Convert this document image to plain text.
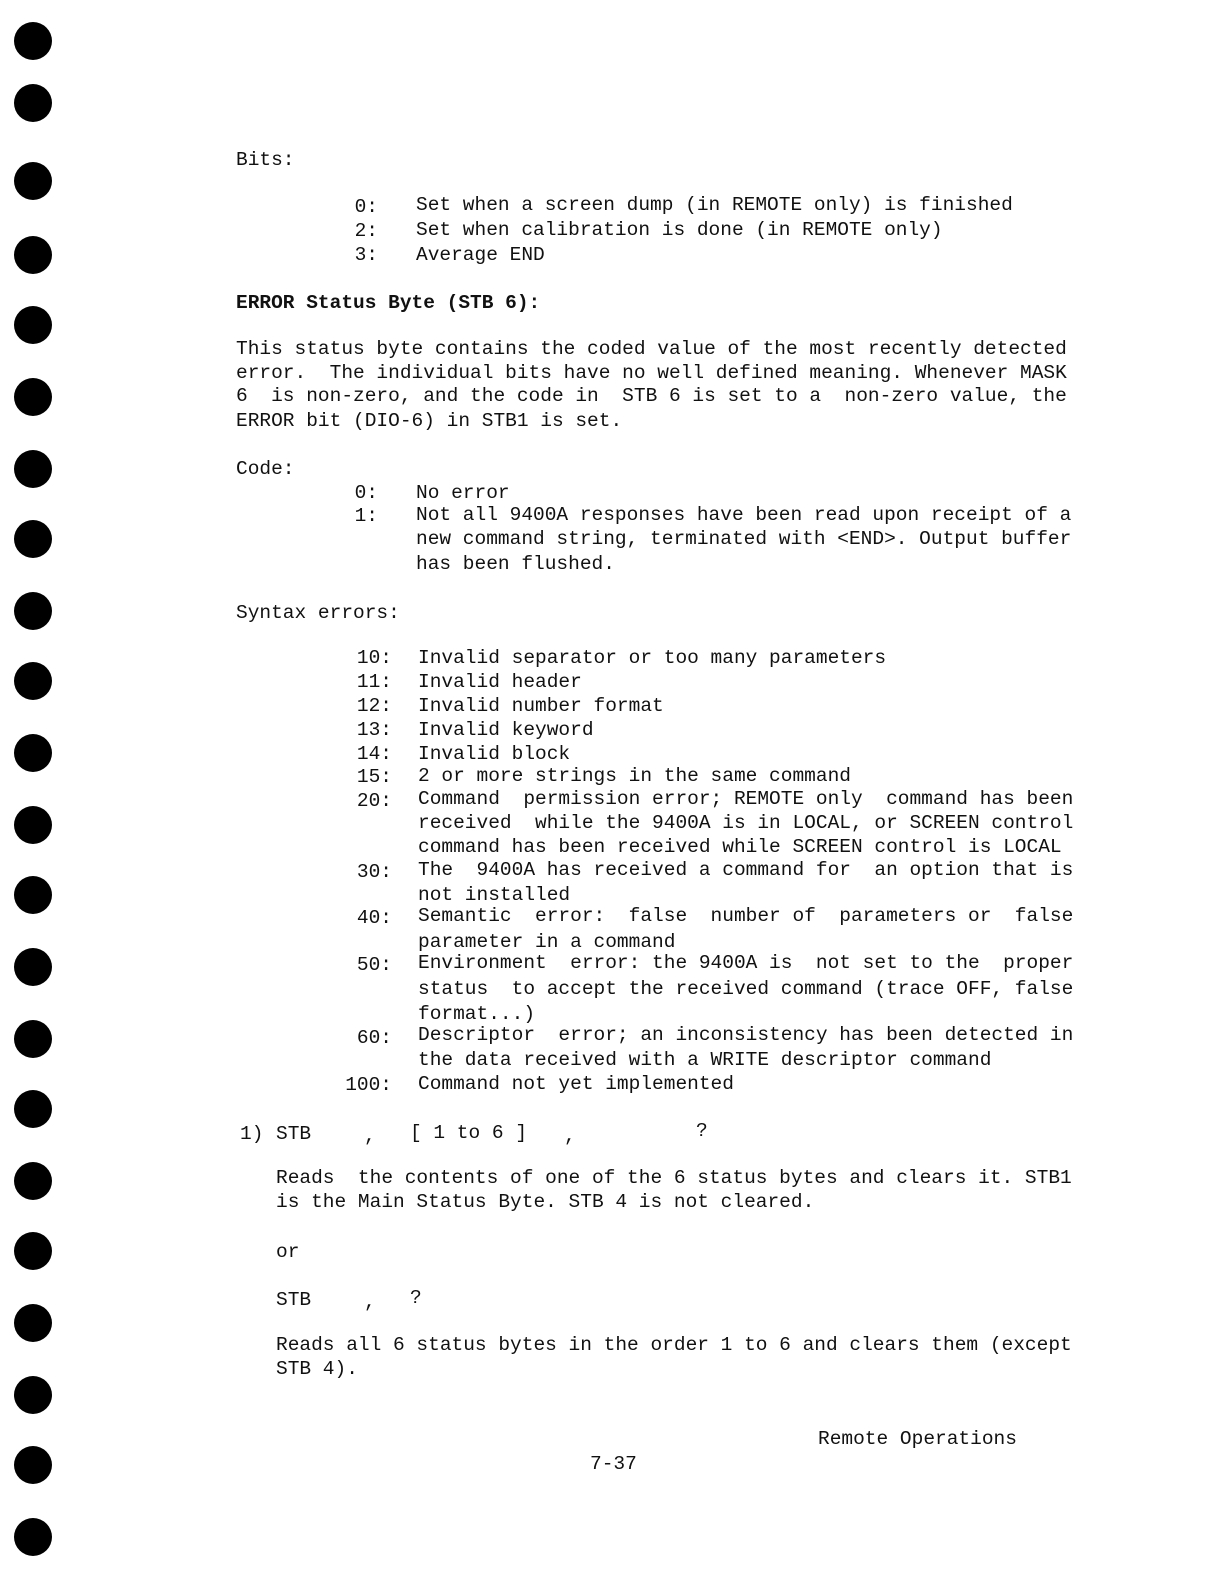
Bits:
0: Set when a screen dump (in REMOTE only) is finished
2: Set when calibration is done (in REMOTE only)
3: Average END
ERROR Status Byte (STB 6):
This status byte contains the coded value of the most recently detected
error.  The individual bits have no well defined meaning. Whenever MASK
6  is non-zero, and the code in  STB 6 is set to a  non-zero value, the
ERROR bit (DIO-6) in STB1 is set.
Code:
0: No error
1: Not all 9400A responses have been read upon receipt of a
new command string, terminated with <END>. Output buffer
has been flushed.
Syntax errors:
10: Invalid separator or too many parameters
11: Invalid header
12: Invalid number format
13: Invalid keyword
14: Invalid block
15: 2 or more strings in the same command
20: Command  permission error; REMOTE only  command has been
received  while the 9400A is in LOCAL, or SCREEN control
command has been received while SCREEN control is LOCAL
30: The  9400A has received a command for  an option that is
not installed
40: Semantic  error:  false  number of  parameters or  false
parameter in a command
50: Environment  error: the 9400A is  not set to the  proper
status  to accept the received command (trace OFF, false
format...)
60: Descriptor  error; an inconsistency has been detected in
the data received with a WRITE descriptor command
100: Command not yet implemented
1) STB	, [ 1 to 6 ] ,	?
Reads  the contents of one of the 6 status bytes and clears it. STB1
is the Main Status Byte. STB 4 is not cleared.
or
STB	, ?
Reads all 6 status bytes in the order 1 to 6 and clears them (except
STB 4).
Remote Operations
7-37
